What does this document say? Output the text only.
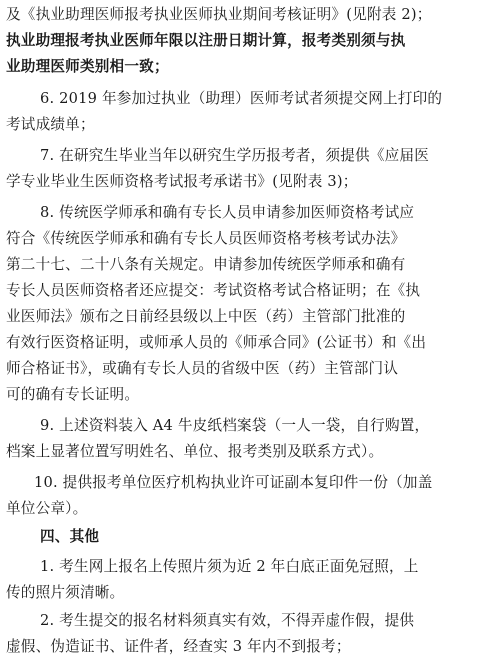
及《执业助理医师报考执业医师执业期间考核证明》(见附表 2)；
执业助理报考执业医师年限以注册日期计算，报考类别须与执
业助理医师类别相一致；
6. 2019 年参加过执业（助理）医师考试者须提交网上打印的
考试成绩单；
7. 在研究生毕业当年以研究生学历报考者，须提供《应届医
学专业毕业生医师资格考试报考承诺书》(见附表 3)；
8. 传统医学师承和确有专长人员申请参加医师资格考试应
符合《传统医学师承和确有专长人员医师资格考核考试办法》
第二十七、二十八条有关规定。申请参加传统医学师承和确有
专长人员医师资格者还应提交：考试资格考试合格证明；在《执
业医师法》颁布之日前经县级以上中医（药）主管部门批准的
有效行医资格证明，或师承人员的《师承合同》(公证书）和《出
师合格证书》，或确有专长人员的省级中医（药）主管部门认
可的确有专长证明。
9. 上述资料装入 A4 牛皮纸档案袋（一人一袋，自行购置，
档案上显著位置写明姓名、单位、报考类别及联系方式）。
10. 提供报考单位医疗机构执业许可证副本复印件一份（加盖
单位公章）。
四、其他
1. 考生网上报名上传照片须为近 2 年白底正面免冠照，上
传的照片须清晰。
2. 考生提交的报名材料须真实有效，不得弄虚作假，提供
虚假、伪造证书、证件者，经查实 3 年内不到报考；
